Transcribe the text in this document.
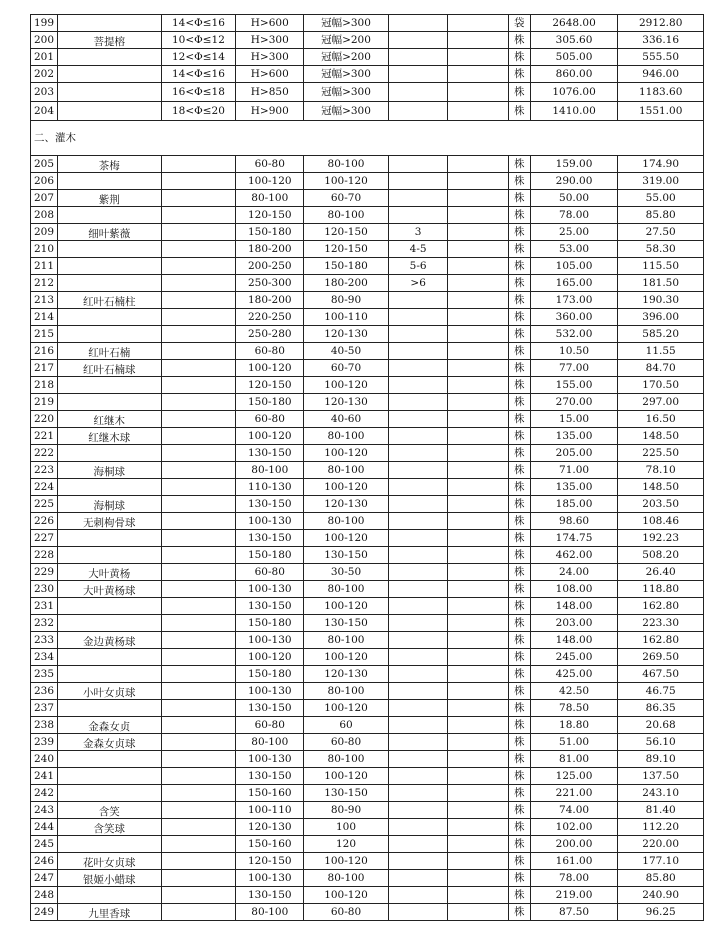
199		14<Φ≤16	H>600	冠幅>300			袋	2648.00	2912.80
200	菩提榕	10<Φ≤12	H>300	冠幅>200			株	305.60	336.16
201		12<Φ≤14	H>300	冠幅>200			株	505.00	555.50
202		14<Φ≤16	H>600	冠幅>300			株	860.00	946.00
203		16<Φ≤18	H>850	冠幅>300			株	1076.00	1183.60
204		18<Φ≤20	H>900	冠幅>300			株	1410.00	1551.00
二、灌木									
205	茶梅		60-80	80-100			株	159.00	174.90
206			100-120	100-120			株	290.00	319.00
207	紫荆		80-100	60-70			株	50.00	55.00
208			120-150	80-100			株	78.00	85.80
209	细叶紫薇		150-180	120-150	3		株	25.00	27.50
210			180-200	120-150	4-5		株	53.00	58.30
211			200-250	150-180	5-6		株	105.00	115.50
212			250-300	180-200	>6		株	165.00	181.50
213	红叶石楠柱		180-200	80-90			株	173.00	190.30
214			220-250	100-110			株	360.00	396.00
215			250-280	120-130			株	532.00	585.20
216	红叶石楠		60-80	40-50			株	10.50	11.55
217	红叶石楠球		100-120	60-70			株	77.00	84.70
218			120-150	100-120			株	155.00	170.50
219			150-180	120-130			株	270.00	297.00
220	红继木		60-80	40-60			株	15.00	16.50
221	红继木球		100-120	80-100			株	135.00	148.50
222			130-150	100-120			株	205.00	225.50
223	海桐球		80-100	80-100			株	71.00	78.10
224			110-130	100-120			株	135.00	148.50
225	海桐球		130-150	120-130			株	185.00	203.50
226	无刺枸骨球		100-130	80-100			株	98.60	108.46
227			130-150	100-120			株	174.75	192.23
228			150-180	130-150			株	462.00	508.20
229	大叶黄杨		60-80	30-50			株	24.00	26.40
230	大叶黄杨球		100-130	80-100			株	108.00	118.80
231			130-150	100-120			株	148.00	162.80
232			150-180	130-150			株	203.00	223.30
233	金边黄杨球		100-130	80-100			株	148.00	162.80
234			100-120	100-120			株	245.00	269.50
235			150-180	120-130			株	425.00	467.50
236	小叶女贞球		100-130	80-100			株	42.50	46.75
237			130-150	100-120			株	78.50	86.35
238	金森女贞		60-80	60			株	18.80	20.68
239	金森女贞球		80-100	60-80			株	51.00	56.10
240			100-130	80-100			株	81.00	89.10
241			130-150	100-120			株	125.00	137.50
242			150-160	130-150			株	221.00	243.10
243	含笑		100-110	80-90			株	74.00	81.40
244	含笑球		120-130	100			株	102.00	112.20
245			150-160	120			株	200.00	220.00
246	花叶女贞球		120-150	100-120			株	161.00	177.10
247	银姬小蜡球		100-130	80-100			株	78.00	85.80
248			130-150	100-120			株	219.00	240.90
249	九里香球		80-100	60-80			株	87.50	96.25
